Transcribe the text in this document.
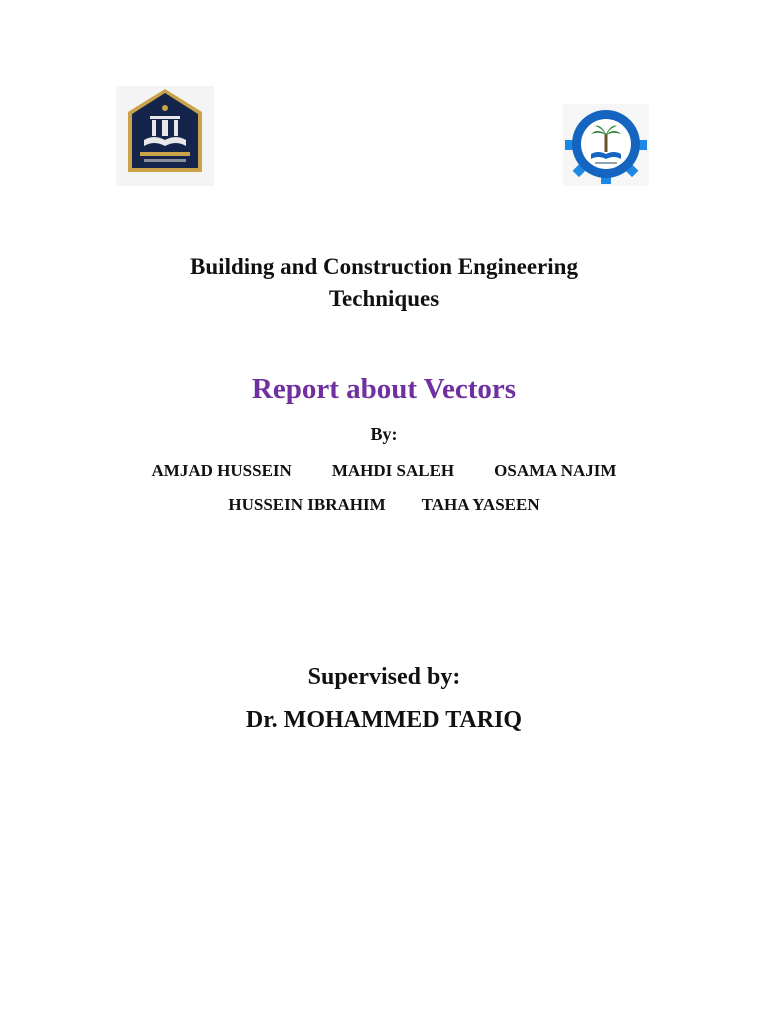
Building and Construction Engineering
Techniques
Report about Vectors
By:
AMJAD HUSSEIN MAHDI SALEH OSAMA NAJIM
HUSSEIN IBRAHIM TAHA YASEEN
Supervised by:
Dr. MOHAMMED TARIQ
